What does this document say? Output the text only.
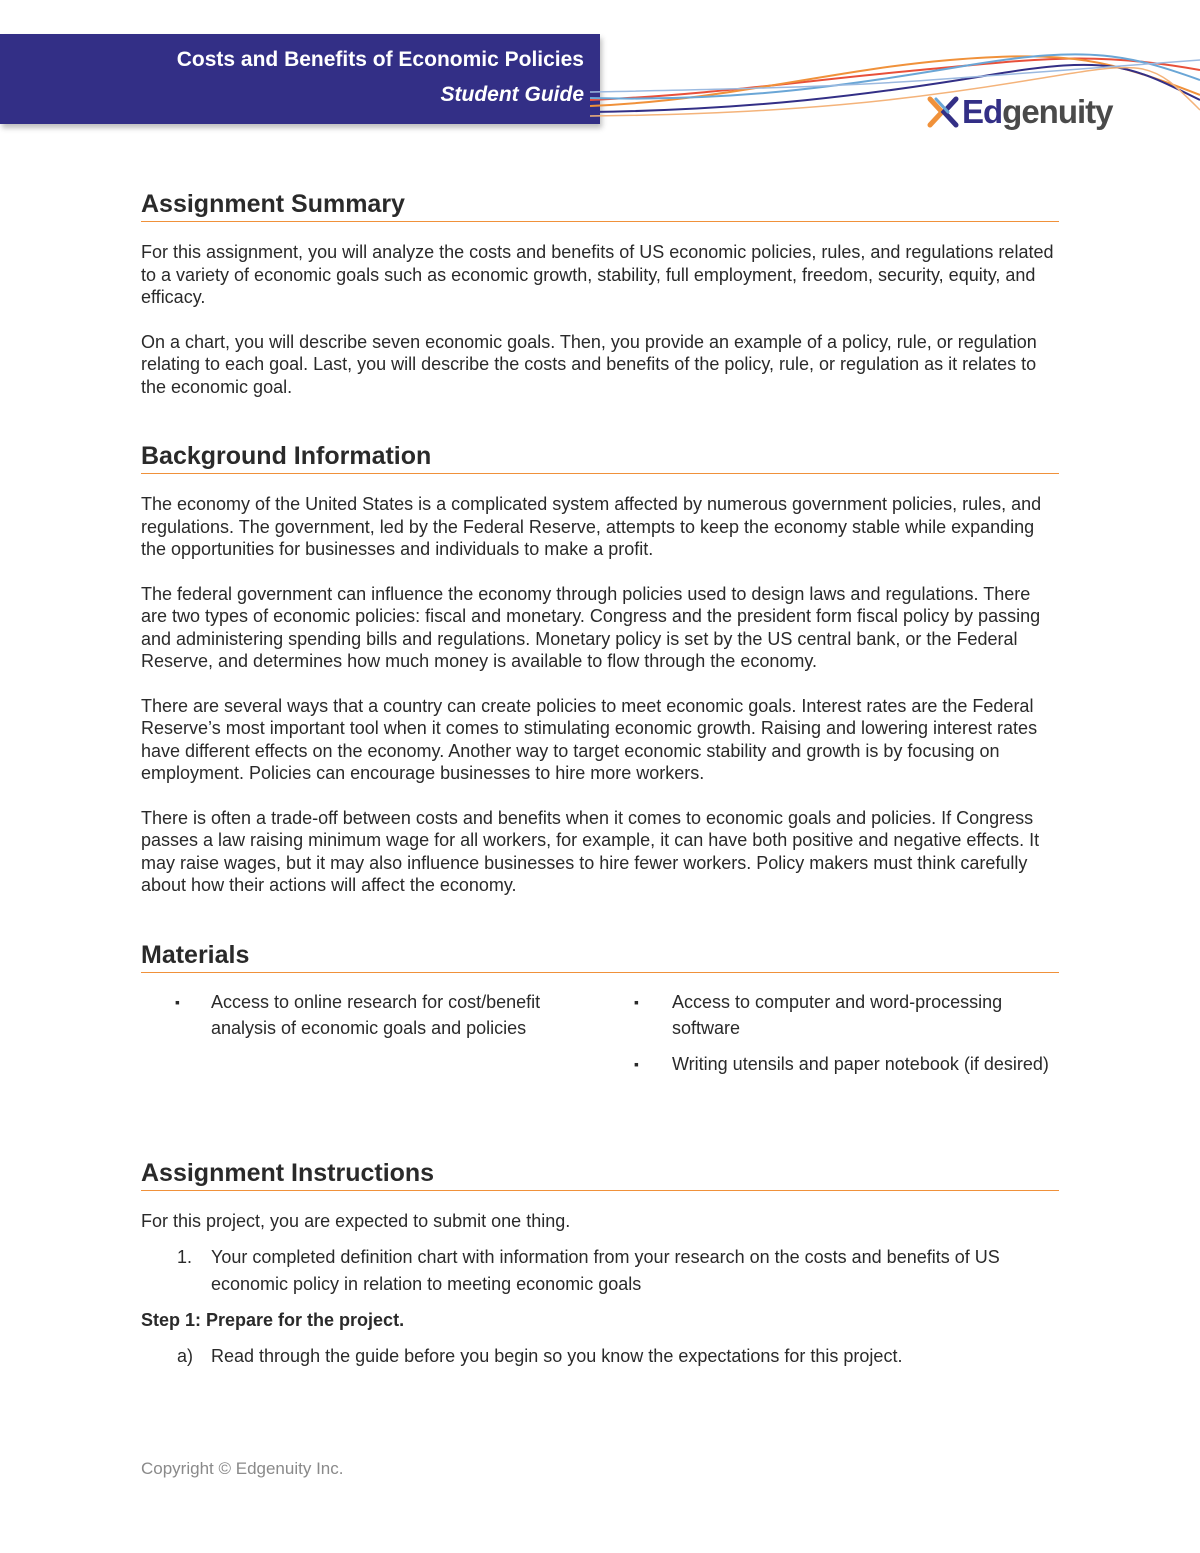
Costs and Benefits of Economic Policies
Student Guide	Edgenuity
Assignment Summary

For this assignment, you will analyze the costs and benefits of US economic policies, rules, and regulations related to a variety of economic goals such as economic growth, stability, full employment, freedom, security, equity, and efficacy.

On a chart, you will describe seven economic goals. Then, you provide an example of a policy, rule, or regulation relating to each goal. Last, you will describe the costs and benefits of the policy, rule, or regulation as it relates to the economic goal.

Background Information

The economy of the United States is a complicated system affected by numerous government policies, rules, and regulations. The government, led by the Federal Reserve, attempts to keep the economy stable while expanding the opportunities for businesses and individuals to make a profit.

The federal government can influence the economy through policies used to design laws and regulations. There are two types of economic policies: fiscal and monetary. Congress and the president form fiscal policy by passing and administering spending bills and regulations. Monetary policy is set by the US central bank, or the Federal Reserve, and determines how much money is available to flow through the economy.

There are several ways that a country can create policies to meet economic goals. Interest rates are the Federal Reserve’s most important tool when it comes to stimulating economic growth. Raising and lowering interest rates have different effects on the economy. Another way to target economic stability and growth is by focusing on employment. Policies can encourage businesses to hire more workers.

There is often a trade-off between costs and benefits when it comes to economic goals and policies. If Congress passes a law raising minimum wage for all workers, for example, it can have both positive and negative effects. It may raise wages, but it may also influence businesses to hire fewer workers. Policy makers must think carefully about how their actions will affect the economy.

Materials
▪ Access to online research for cost/benefit analysis of economic goals and policies
▪ Access to computer and word-processing software
▪ Writing utensils and paper notebook (if desired)
Assignment Instructions

For this project, you are expected to submit one thing.

1. Your completed definition chart with information from your research on the costs and benefits of US economic policy in relation to meeting economic goals
Step 1: Prepare for the project.
a) Read through the guide before you begin so you know the expectations for this project.
Copyright © Edgenuity Inc.
